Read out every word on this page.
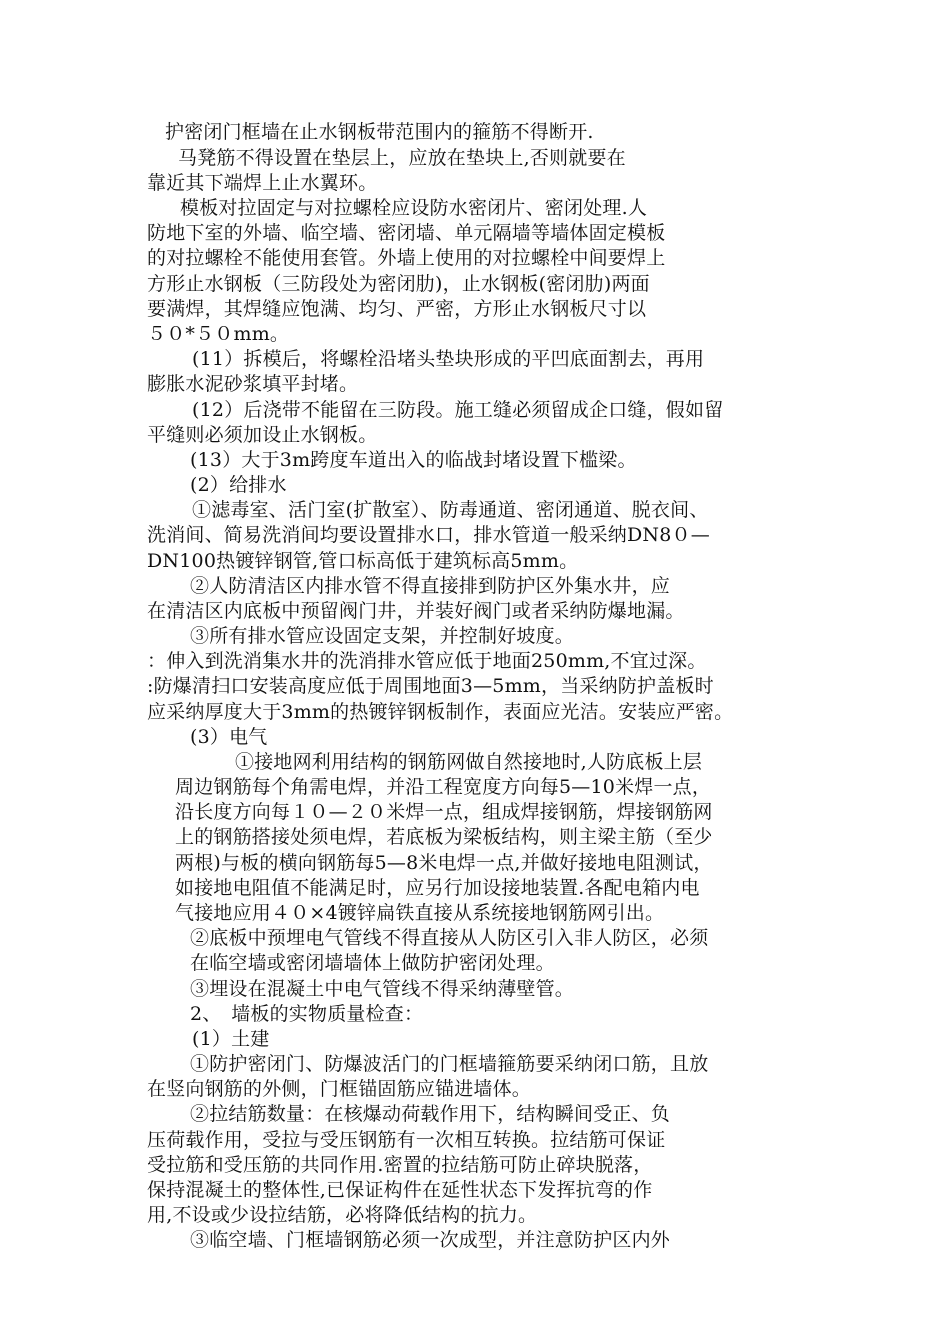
护密闭门框墙在止水钢板带范围内的箍筋不得断开.
马凳筋不得设置在垫层上，应放在垫块上,否则就要在
靠近其下端焊上止水翼环。
模板对拉固定与对拉螺栓应设防水密闭片、密闭处理.人
防地下室的外墙、临空墙、密闭墙、单元隔墙等墙体固定模板
的对拉螺栓不能使用套管。外墙上使用的对拉螺栓中间要焊上
方形止水钢板（三防段处为密闭肋)，止水钢板(密闭肋)两面
要满焊，其焊缝应饱满、均匀、严密，方形止水钢板尺寸以
５０*５０mm。
(11）拆模后，将螺栓沿堵头垫块形成的平凹底面割去，再用
膨胀水泥砂浆填平封堵。
(12）后浇带不能留在三防段。施工缝必须留成企口缝，假如留
平缝则必须加设止水钢板。
(13）大于3m跨度车道出入的临战封堵设置下槛梁。
(2）给排水
①滤毒室、活门室(扩散室）、防毒通道、密闭通道、脱衣间、
洗消间、简易洗消间均要设置排水口，排水管道一般采纳DN8０—
DN100热镀锌钢管,管口标高低于建筑标高5mm。
②人防清洁区内排水管不得直接排到防护区外集水井，应
在清洁区内底板中预留阀门井，并装好阀门或者采纳防爆地漏。
③所有排水管应设固定支架，并控制好坡度。
：伸入到洗消集水井的洗消排水管应低于地面250mm,不宜过深。
:防爆清扫口安装高度应低于周围地面3—5mm，当采纳防护盖板时
应采纳厚度大于3mm的热镀锌钢板制作，表面应光洁。安装应严密。
(3）电气
①接地网利用结构的钢筋网做自然接地时,人防底板上层
周边钢筋每个角需电焊，并沿工程宽度方向每5—10米焊一点，
沿长度方向每１０—２０米焊一点，组成焊接钢筋，焊接钢筋网
上的钢筋搭接处须电焊，若底板为梁板结构，则主梁主筋（至少
两根)与板的横向钢筋每5—8米电焊一点,并做好接地电阻测试，
如接地电阻值不能满足时，应另行加设接地装置.各配电箱内电
气接地应用４０×4镀锌扁铁直接从系统接地钢筋网引出。
②底板中预埋电气管线不得直接从人防区引入非人防区，必须
在临空墙或密闭墙墙体上做防护密闭处理。
③埋设在混凝土中电气管线不得采纳薄壁管。
2、　墙板的实物质量检查：
(1）土建
①防护密闭门、防爆波活门的门框墙箍筋要采纳闭口筋，且放
在竖向钢筋的外侧，门框锚固筋应锚进墙体。
②拉结筋数量：在核爆动荷载作用下，结构瞬间受正、负
压荷载作用，受拉与受压钢筋有一次相互转换。拉结筋可保证
受拉筋和受压筋的共同作用.密置的拉结筋可防止碎块脱落，
保持混凝土的整体性,已保证构件在延性状态下发挥抗弯的作
用,不设或少设拉结筋，必将降低结构的抗力。
③临空墙、门框墙钢筋必须一次成型，并注意防护区内外
